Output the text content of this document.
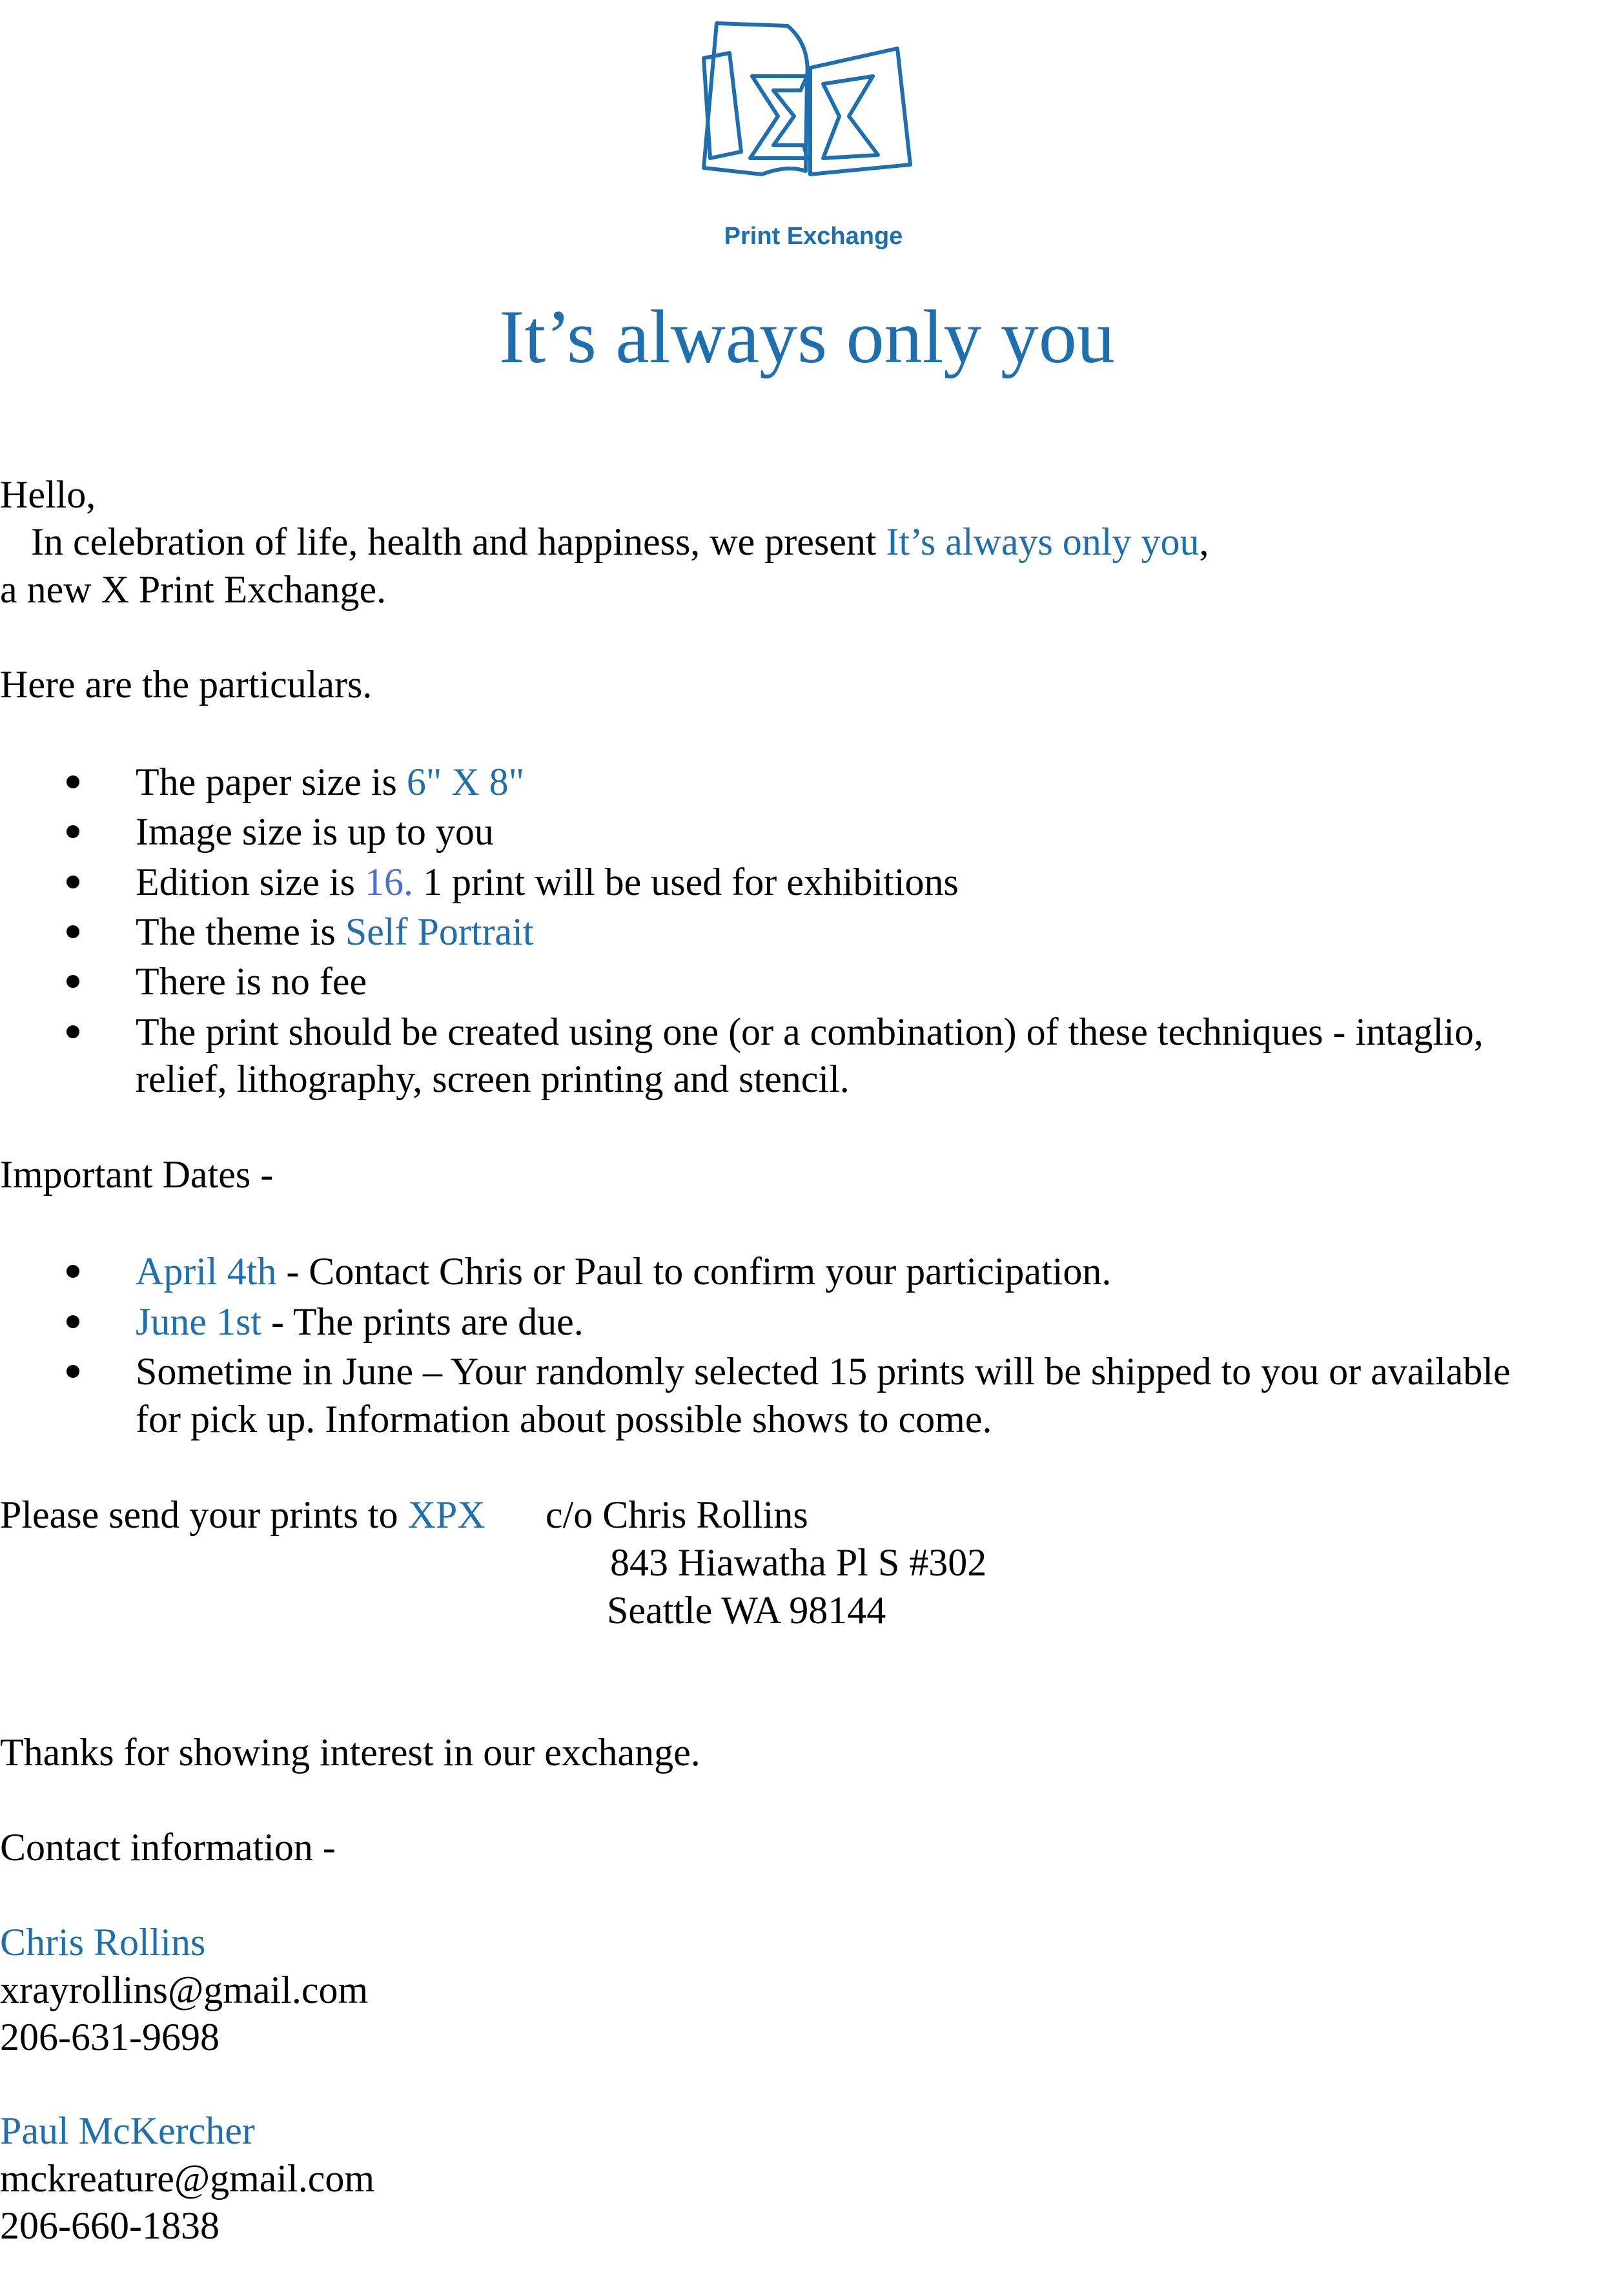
Print Exchange
It’s always only you
Hello,
In celebration of life, health and happiness, we present It’s always only you,
a new X Print Exchange.
Here are the particulars.
The paper size is 6" X 8"
Image size is up to you
Edition size is 16. 1 print will be used for exhibitions
The theme is Self Portrait
There is no fee
The print should be created using one (or a combination) of these techniques - intaglio,
relief, lithography, screen printing and stencil.
Important Dates -
April 4th - Contact Chris or Paul to confirm your participation.
June 1st - The prints are due.
Sometime in June – Your randomly selected 15 prints will be shipped to you or available
for pick up. Information about possible shows to come.
Please send your prints to XPX c/o Chris Rollins
843 Hiawatha Pl S #302
Seattle WA 98144
Thanks for showing interest in our exchange.
Contact information -
Chris Rollins
xrayrollins@gmail.com
206-631-9698
Paul McKercher
mckreature@gmail.com
206-660-1838
